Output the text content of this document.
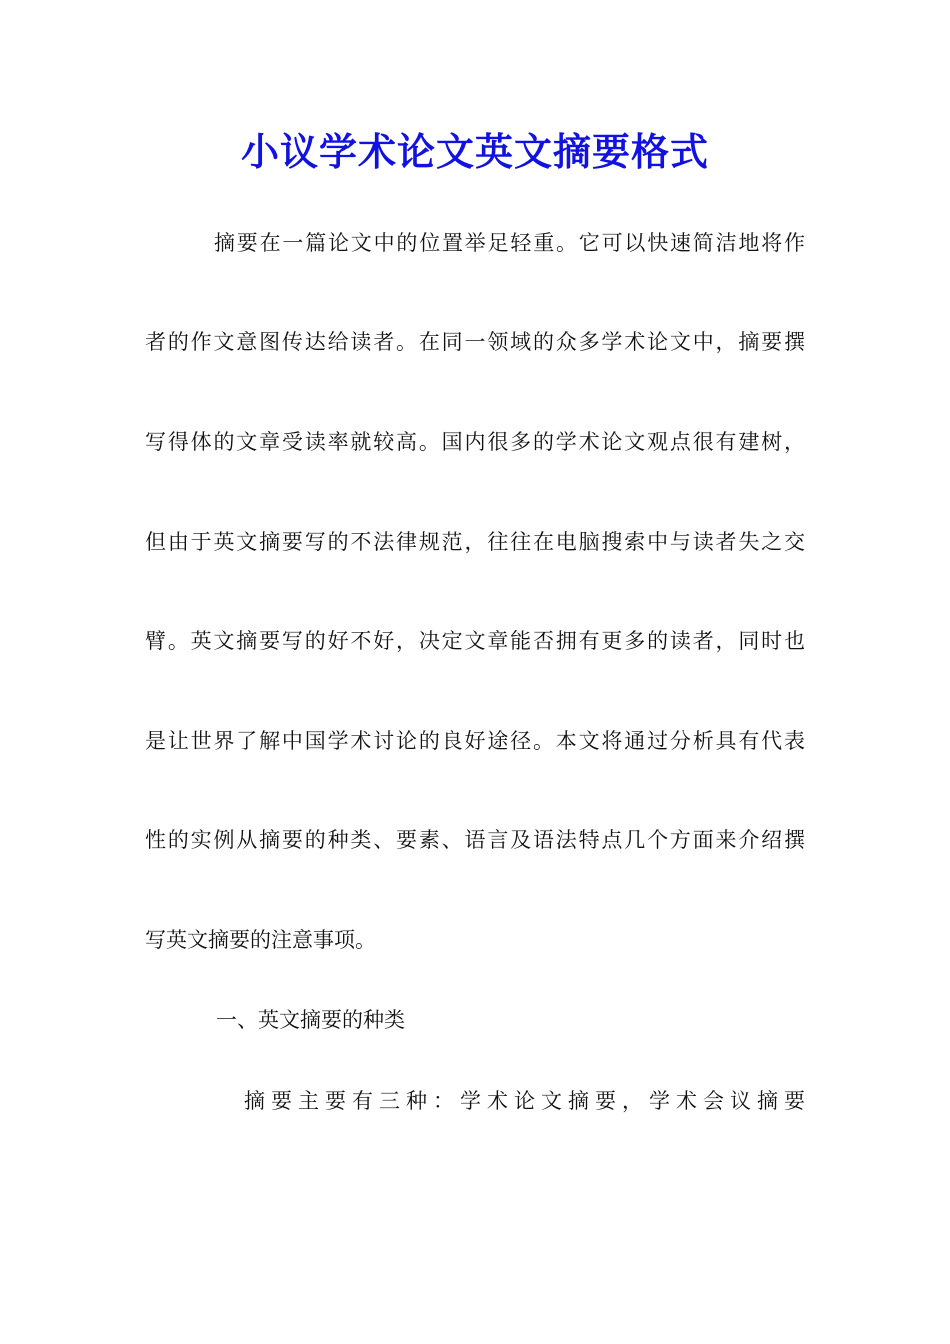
小议学术论文英文摘要格式

摘要在一篇论文中的位置举足轻重。它可以快速简洁地将作

者的作文意图传达给读者。在同一领域的众多学术论文中，摘要撰

写得体的文章受读率就较高。国内很多的学术论文观点很有建树，

但由于英文摘要写的不法律规范，往往在电脑搜索中与读者失之交

臂。英文摘要写的好不好，决定文章能否拥有更多的读者，同时也

是让世界了解中国学术讨论的良好途径。本文将通过分析具有代表

性的实例从摘要的种类、要素、语言及语法特点几个方面来介绍撰

写英文摘要的注意事项。

一、英文摘要的种类

摘要主要有三种：学术论文摘要，学术会议摘要
